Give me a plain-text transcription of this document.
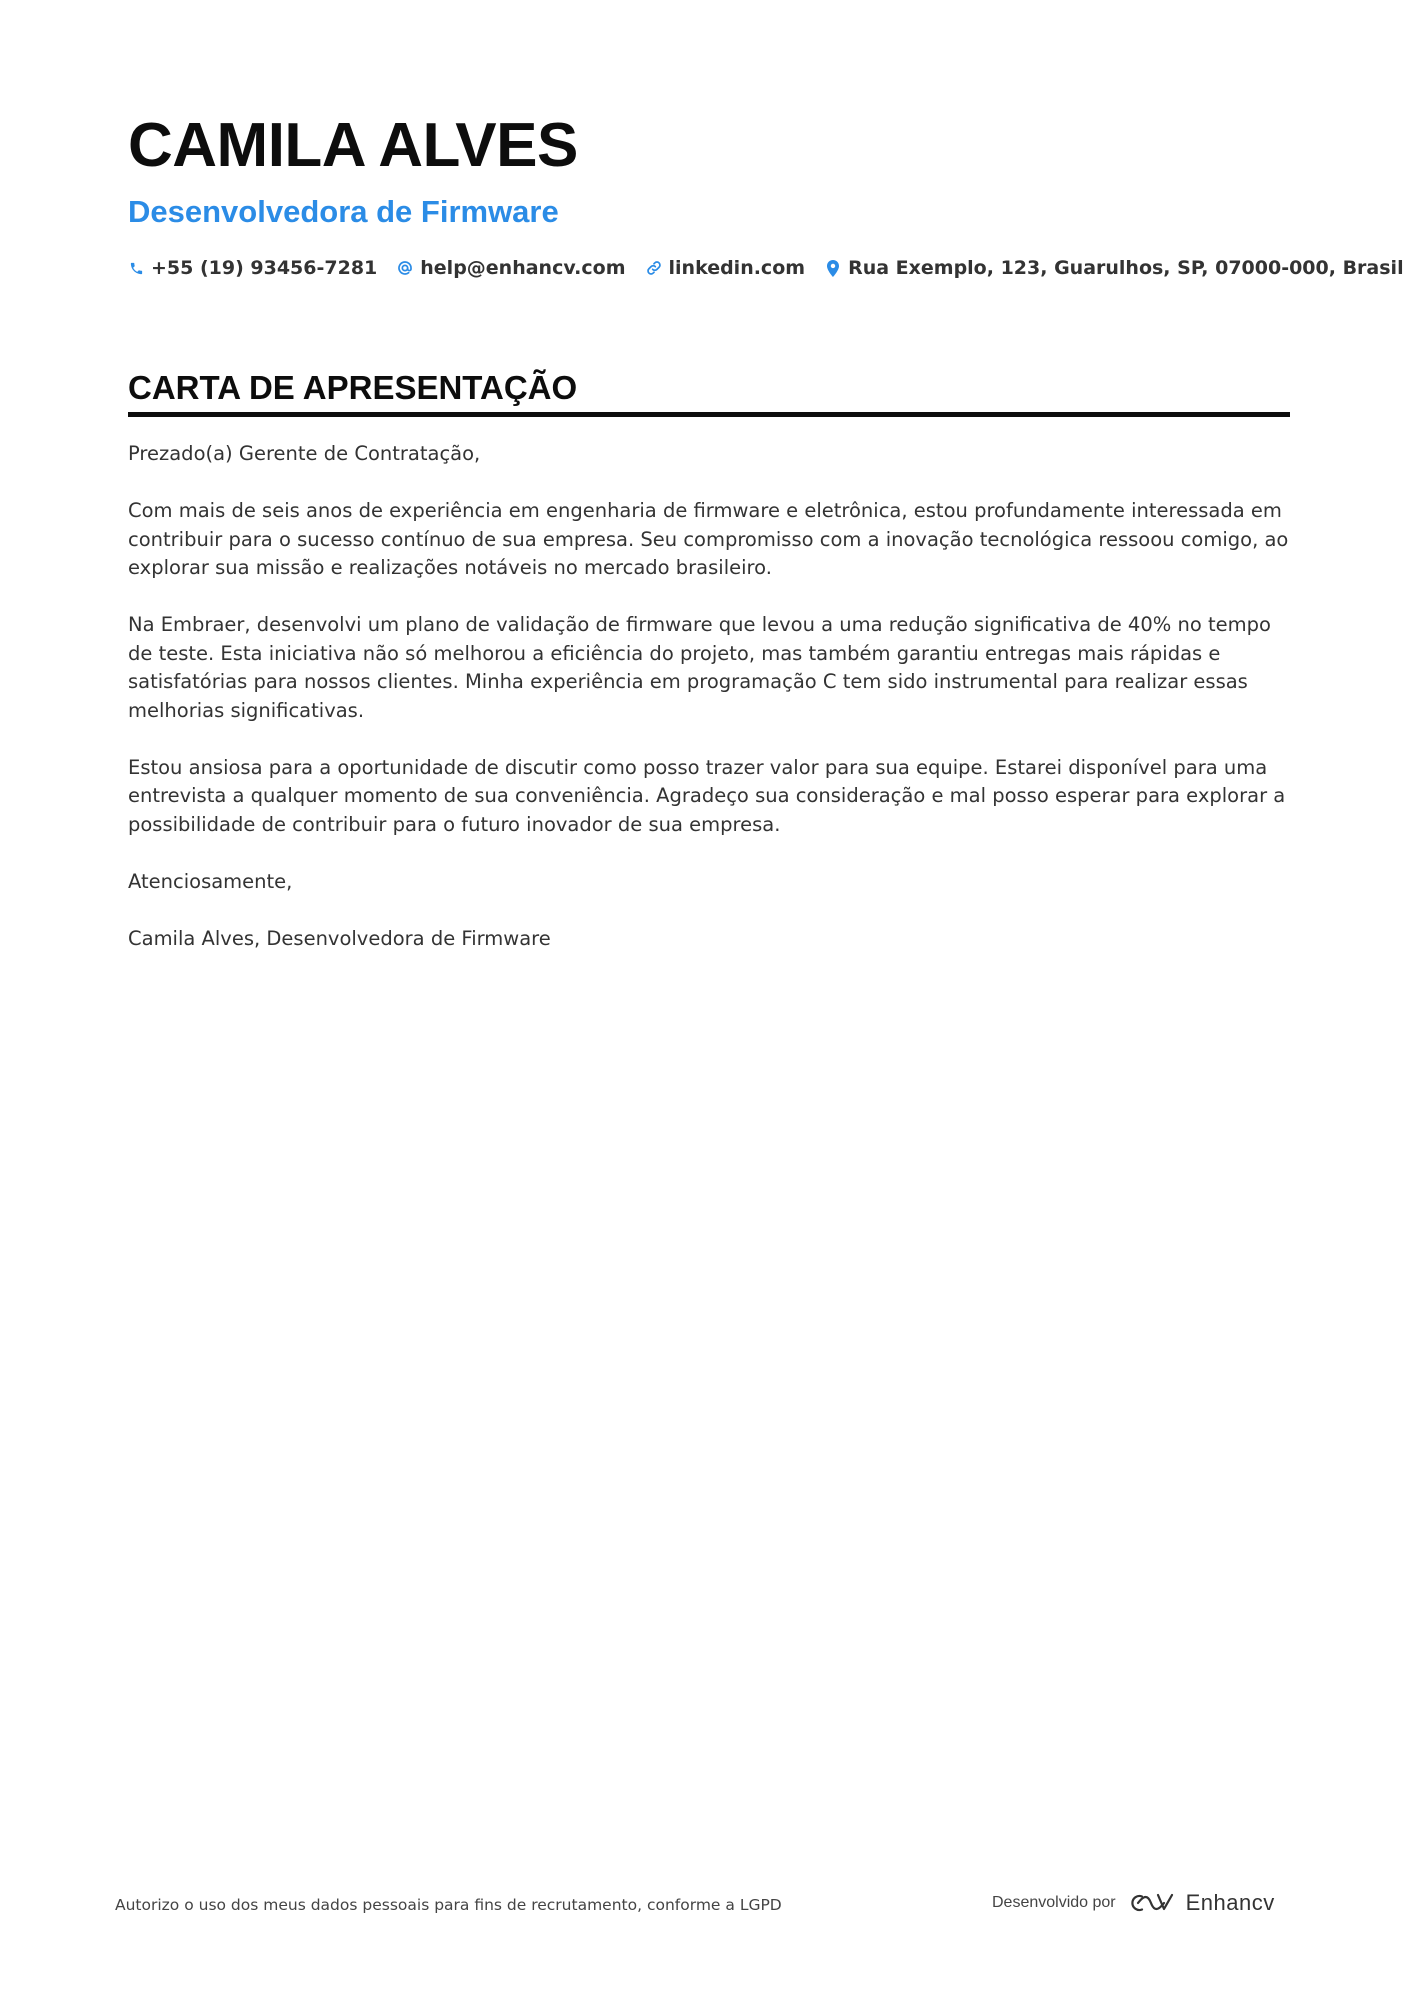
CAMILA ALVES
Desenvolvedora de Firmware
+55 (19) 93456-7281 help@enhancv.com linkedin.com Rua Exemplo, 123, Guarulhos, SP, 07000-000, Brasil
CARTA DE APRESENTAÇÃO

Prezado(a) Gerente de Contratação,

Com mais de seis anos de experiência em engenharia de firmware e eletrônica, estou profundamente interessada em contribuir para o sucesso contínuo de sua empresa. Seu compromisso com a inovação tecnológica ressoou comigo, ao explorar sua missão e realizações notáveis no mercado brasileiro.

Na Embraer, desenvolvi um plano de validação de firmware que levou a uma redução significativa de 40% no tempo de teste. Esta iniciativa não só melhorou a eficiência do projeto, mas também garantiu entregas mais rápidas e satisfatórias para nossos clientes. Minha experiência em programação C tem sido instrumental para realizar essas melhorias significativas.

Estou ansiosa para a oportunidade de discutir como posso trazer valor para sua equipe. Estarei disponível para uma entrevista a qualquer momento de sua conveniência. Agradeço sua consideração e mal posso esperar para explorar a possibilidade de contribuir para o futuro inovador de sua empresa.

Atenciosamente,

Camila Alves, Desenvolvedora de Firmware

Autorizo o uso dos meus dados pessoais para fins de recrutamento, conforme a LGPD	Desenvolvido por	Enhancv
